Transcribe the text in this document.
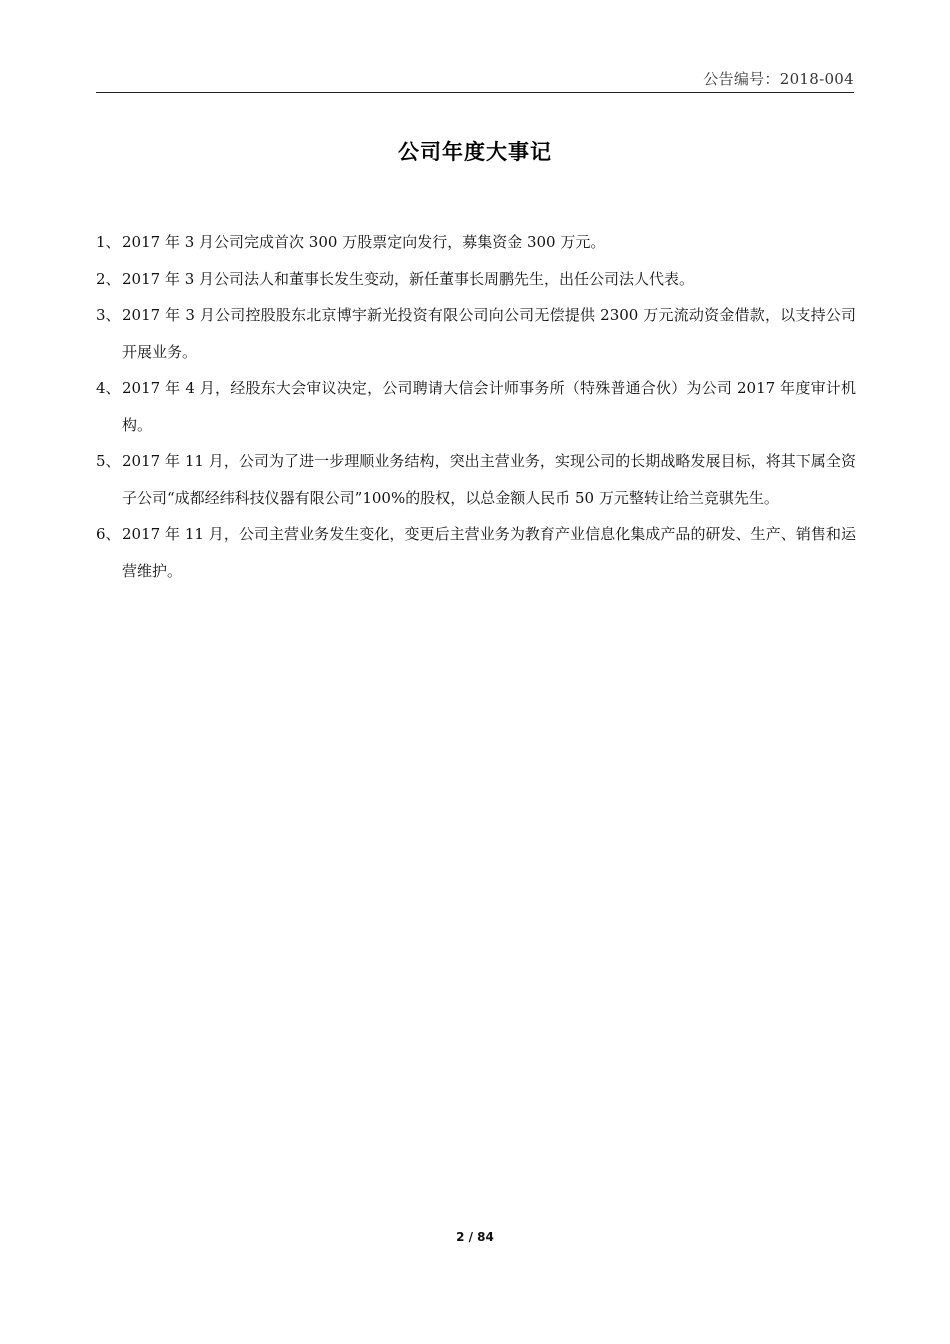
公告编号：2018-004
公司年度大事记
1、 2017 年 3 月公司完成首次 300 万股票定向发行，募集资金 300 万元。
2、 2017 年 3 月公司法人和董事长发生变动，新任董事长周鹏先生，出任公司法人代表。
3、 2017 年 3 月公司控股股东北京博宇新光投资有限公司向公司无偿提供 2300 万元流动资金借款，以支持公司开展业务。
4、 2017 年 4 月，经股东大会审议决定，公司聘请大信会计师事务所（特殊普通合伙）为公司 2017 年度审计机构。
5、 2017 年 11 月，公司为了进一步理顺业务结构，突出主营业务，实现公司的长期战略发展目标，将其下属全资子公司“成都经纬科技仪器有限公司”100%的股权，以总金额人民币 50 万元整转让给兰竞骐先生。
6、 2017 年 11 月，公司主营业务发生变化，变更后主营业务为教育产业信息化集成产品的研发、生产、销售和运营维护。
2 / 84
